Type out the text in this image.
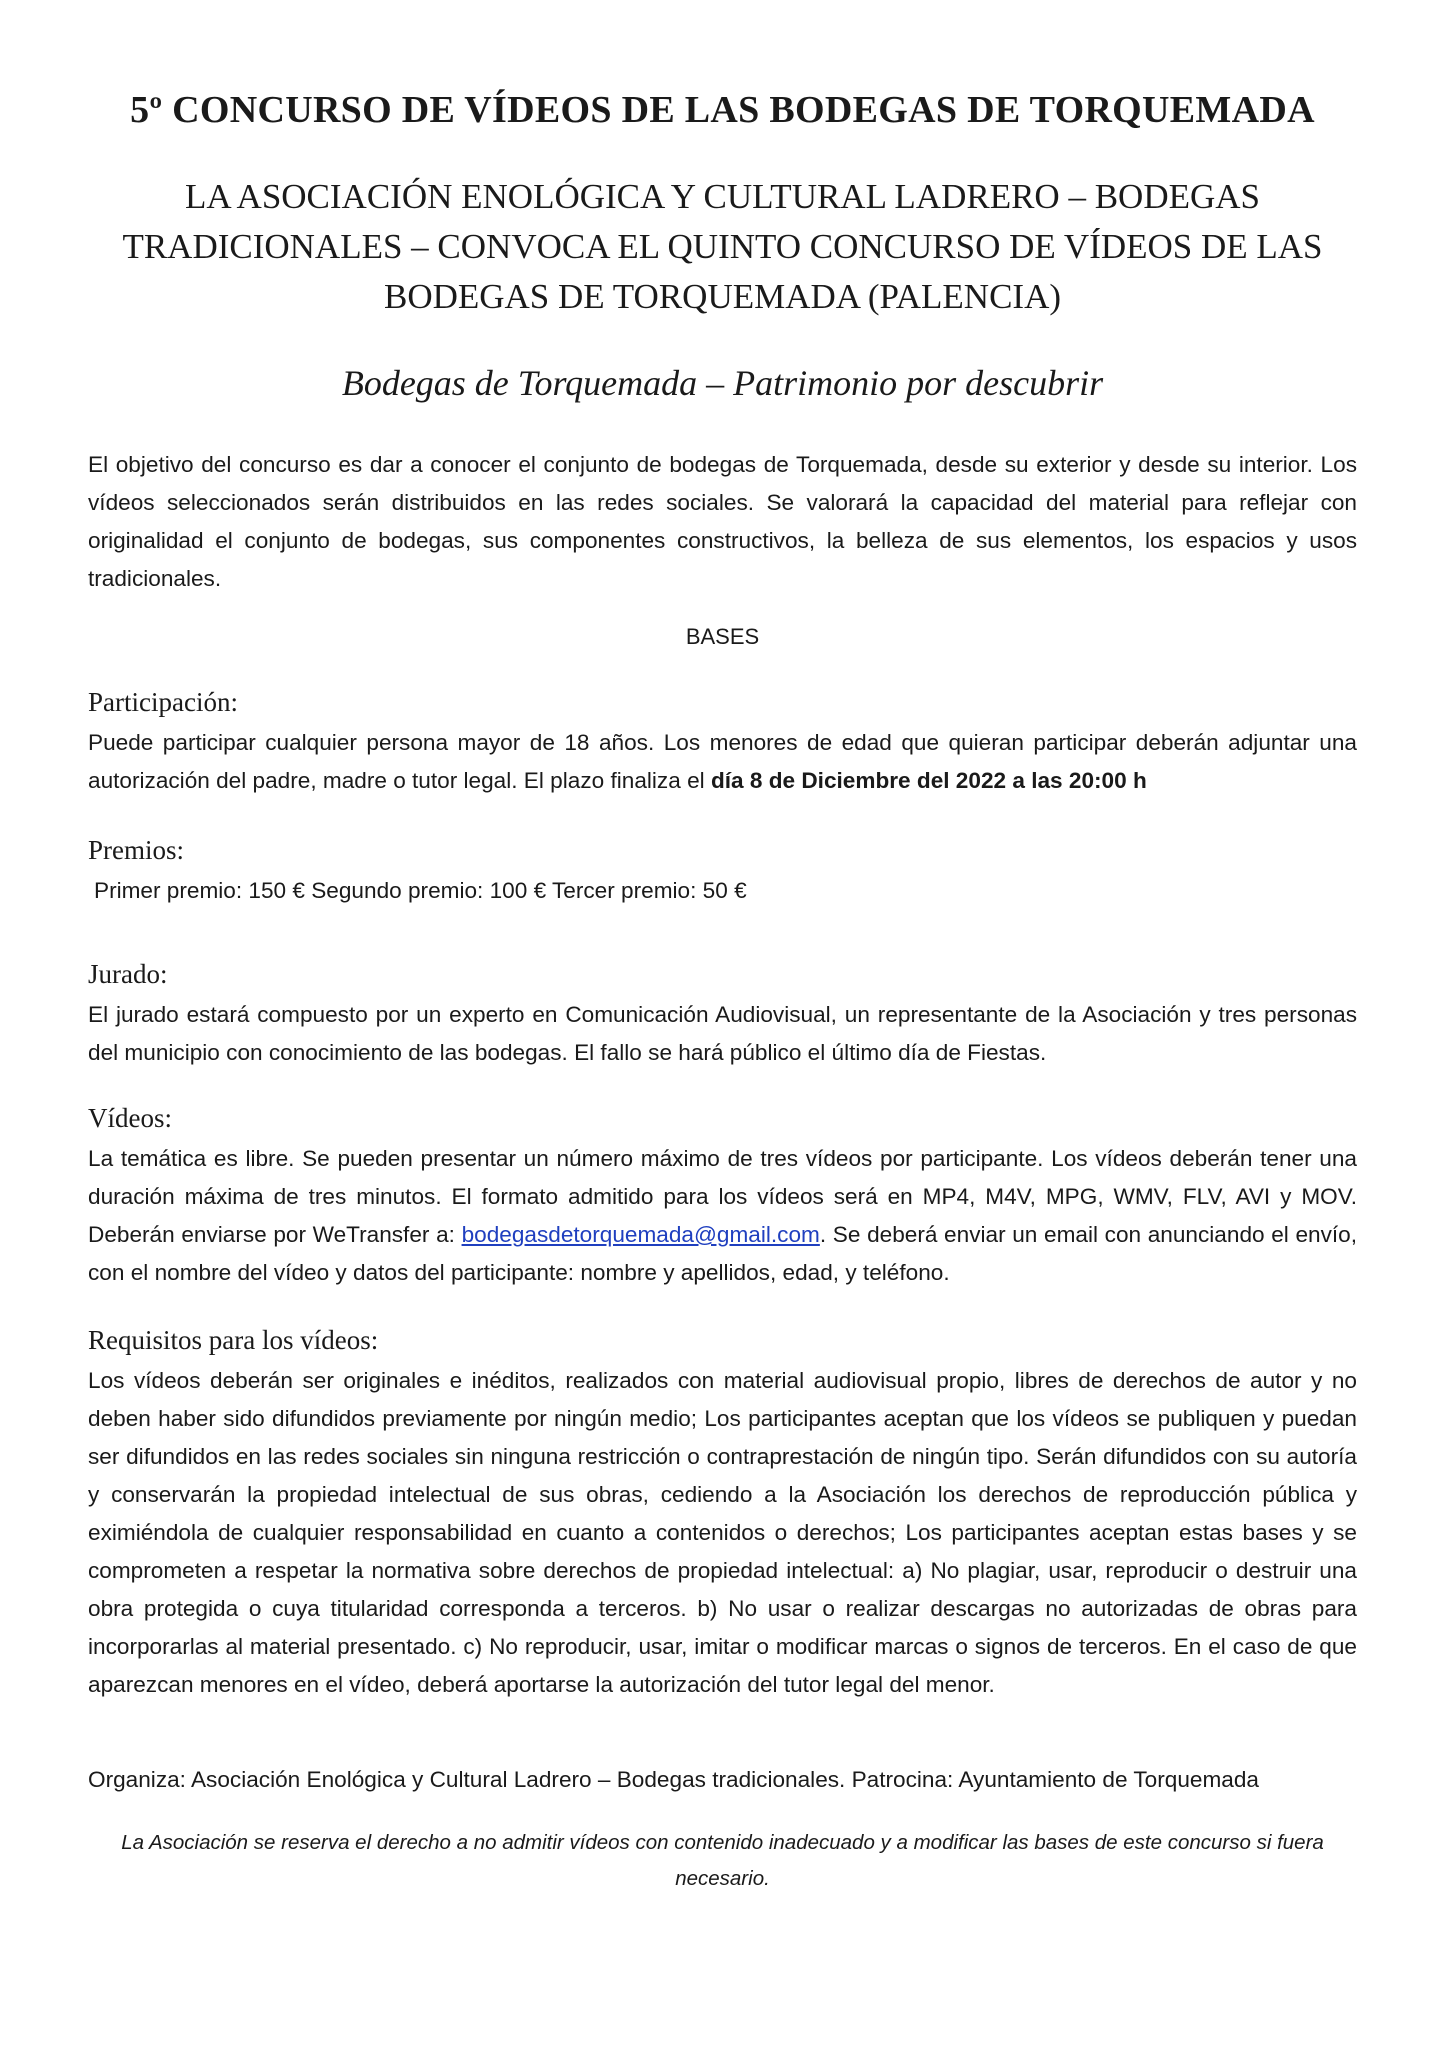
5º CONCURSO DE VÍDEOS DE LAS BODEGAS DE TORQUEMADA
LA ASOCIACIÓN ENOLÓGICA Y CULTURAL LADRERO – BODEGAS TRADICIONALES – CONVOCA EL QUINTO CONCURSO DE VÍDEOS DE LAS BODEGAS DE TORQUEMADA (PALENCIA)

Bodegas de Torquemada – Patrimonio por descubrir

El objetivo del concurso es dar a conocer el conjunto de bodegas de Torquemada, desde su exterior y desde su interior. Los vídeos seleccionados serán distribuidos en las redes sociales. Se valorará la capacidad del material para reflejar con originalidad el conjunto de bodegas, sus componentes constructivos, la belleza de sus elementos, los espacios y usos tradicionales.

BASES

Participación:

Puede participar cualquier persona mayor de 18 años. Los menores de edad que quieran participar deberán adjuntar una autorización del padre, madre o tutor legal. El plazo finaliza el día 8 de Diciembre del 2022 a las 20:00 h

Premios:

Primer premio: 150 € Segundo premio: 100 € Tercer premio: 50 €

Jurado:

El jurado estará compuesto por un experto en Comunicación Audiovisual, un representante de la Asociación y tres personas del municipio con conocimiento de las bodegas. El fallo se hará público el último día de Fiestas.

Vídeos:

La temática es libre. Se pueden presentar un número máximo de tres vídeos por participante. Los vídeos deberán tener una duración máxima de tres minutos. El formato admitido para los vídeos será en MP4, M4V, MPG, WMV, FLV, AVI y MOV. Deberán enviarse por WeTransfer a: bodegasdetorquemada@gmail.com. Se deberá enviar un email con anunciando el envío, con el nombre del vídeo y datos del participante: nombre y apellidos, edad, y teléfono.

Requisitos para los vídeos:

Los vídeos deberán ser originales e inéditos, realizados con material audiovisual propio, libres de derechos de autor y no deben haber sido difundidos previamente por ningún medio; Los participantes aceptan que los vídeos se publiquen y puedan ser difundidos en las redes sociales sin ninguna restricción o contraprestación de ningún tipo. Serán difundidos con su autoría y conservarán la propiedad intelectual de sus obras, cediendo a la Asociación los derechos de reproducción pública y eximiéndola de cualquier responsabilidad en cuanto a contenidos o derechos; Los participantes aceptan estas bases y se comprometen a respetar la normativa sobre derechos de propiedad intelectual: a) No plagiar, usar, reproducir o destruir una obra protegida o cuya titularidad corresponda a terceros. b) No usar o realizar descargas no autorizadas de obras para incorporarlas al material presentado. c) No reproducir, usar, imitar o modificar marcas o signos de terceros. En el caso de que aparezcan menores en el vídeo, deberá aportarse la autorización del tutor legal del menor.

Organiza: Asociación Enológica y Cultural Ladrero – Bodegas tradicionales. Patrocina: Ayuntamiento de Torquemada

La Asociación se reserva el derecho a no admitir vídeos con contenido inadecuado y a modificar las bases de este concurso si fuera necesario.
